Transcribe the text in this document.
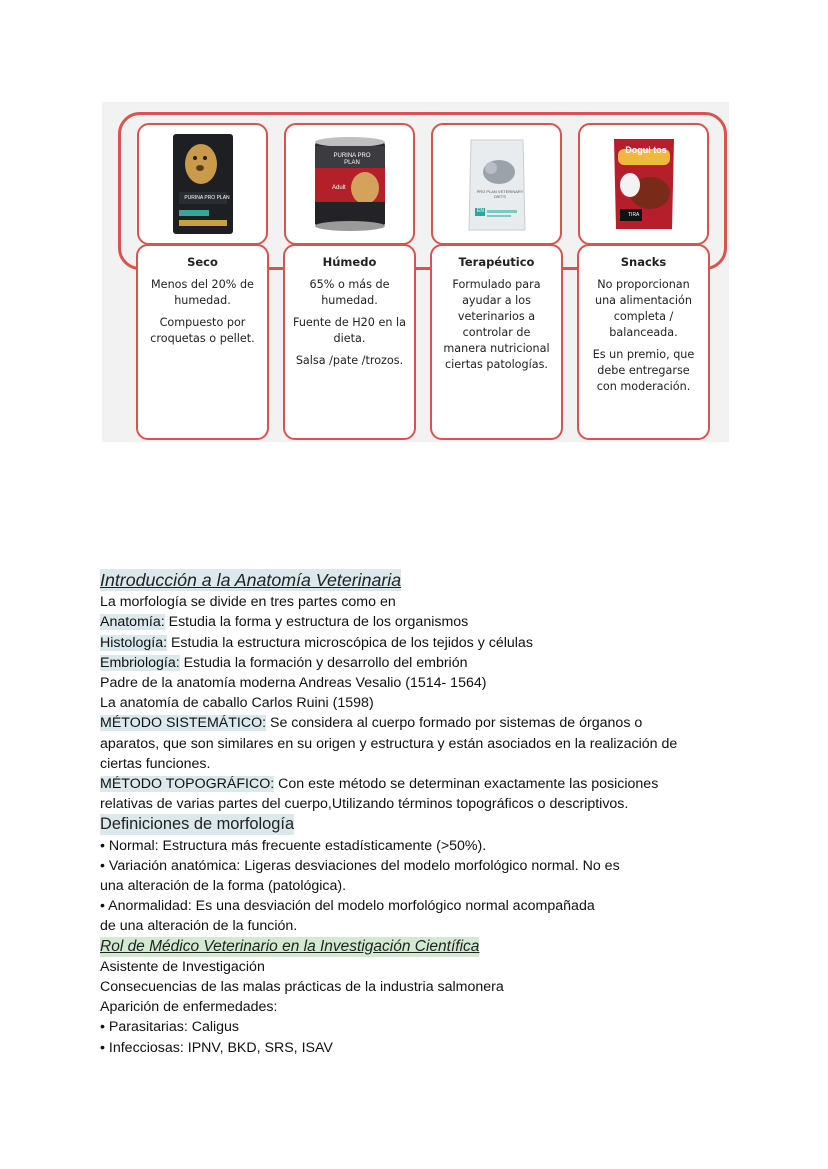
PURINA PRO PLAN
PURINA PRO PLAN
Adult
PRO PLAN VETERINARY DIETS
EN
Dogui tos
TIRA
Seco

Menos del 20% de humedad.

Compuesto por croquetas o pellet.

Húmedo

65% o más de humedad.

Fuente de H20 en la dieta.

Salsa /pate /trozos.

Terapéutico

Formulado para ayudar a los veterinarios a controlar de manera nutricional ciertas patologías.

Snacks

No proporcionan una alimentación completa / balanceada.

Es un premio, que debe entregarse con moderación.

Introducción a la Anatomía Veterinaria
La morfología se divide en tres partes como en
Anatomía: Estudia la forma y estructura de los organismos
Histología: Estudia la estructura microscópica de los tejidos y células
Embriología: Estudia la formación y desarrollo del embrión
Padre de la anatomía moderna Andreas Vesalio (1514- 1564)
La anatomía de caballo Carlos Ruini (1598)
MÉTODO SISTEMÁTICO: Se considera al cuerpo formado por sistemas de órganos o
aparatos, que son similares en su origen y estructura y están asociados en la realización de
ciertas funciones.
MÉTODO TOPOGRÁFICO: Con este método se determinan exactamente las posiciones
relativas de varias partes del cuerpo,Utilizando términos topográficos o descriptivos.
Definiciones de morfología
• Normal: Estructura más frecuente estadísticamente (>50%).
• Variación anatómica: Ligeras desviaciones del modelo morfológico normal. No es
una alteración de la forma (patológica).
• Anormalidad: Es una desviación del modelo morfológico normal acompañada
de una alteración de la función.
Rol de Médico Veterinario en la Investigación Científica
Asistente de Investigación
Consecuencias de las malas prácticas de la industria salmonera
Aparición de enfermedades:
• Parasitarias: Caligus
• Infecciosas: IPNV, BKD, SRS, ISAV
